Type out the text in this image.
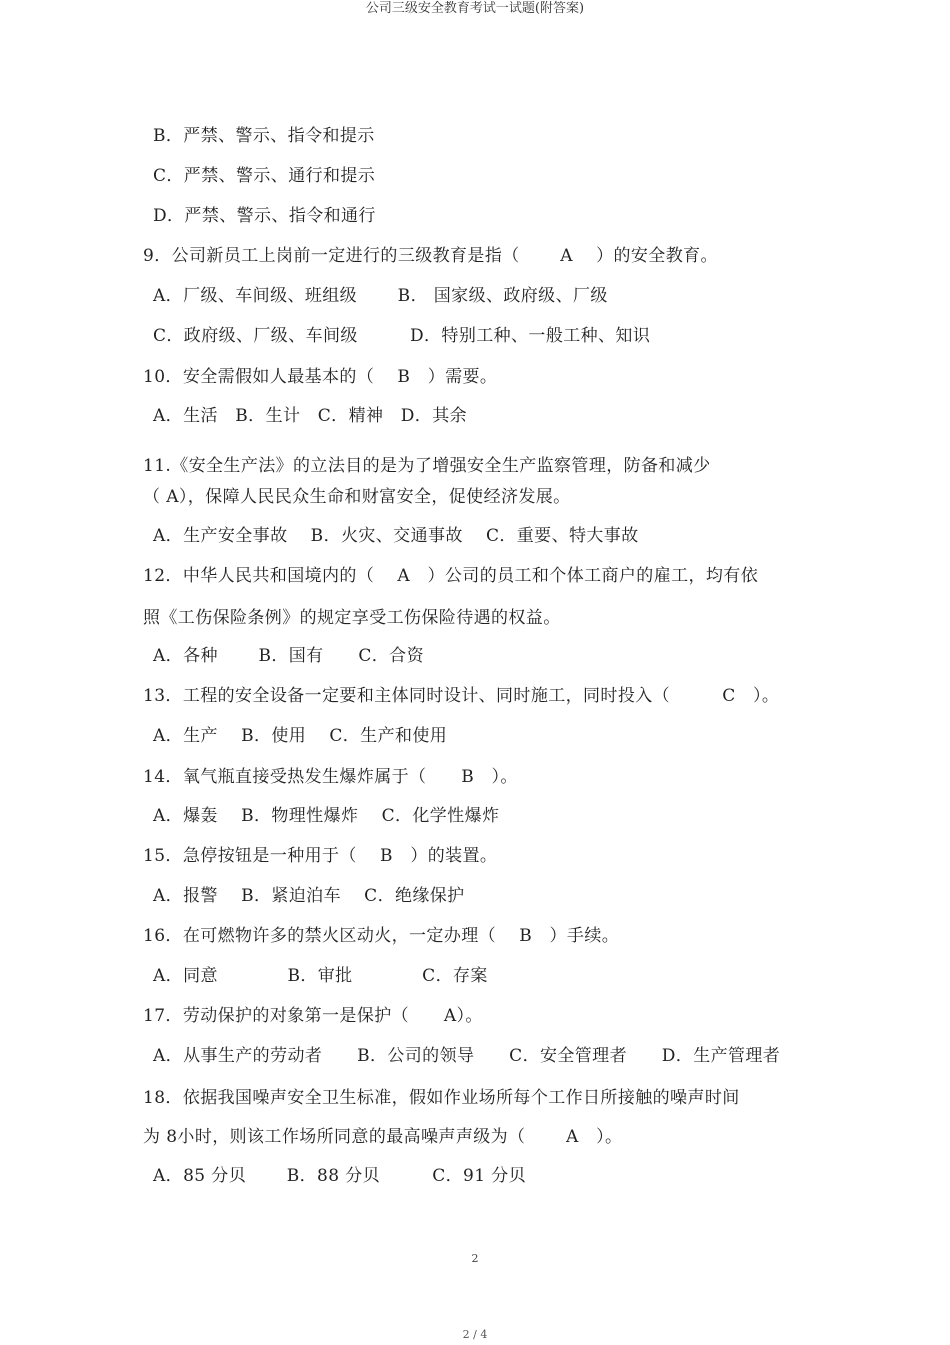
公司三级安全教育考试一试题(附答案)
B．严禁、警示、指令和提示
C．严禁、警示、通行和提示
D．严禁、警示、指令和通行
9．公司新员工上岗前一定进行的三级教育是指（　　 A　 ）的安全教育。
A．厂级、车间级、班组级　　 B． 国家级、政府级、厂级
C．政府级、厂级、车间级　　　D．特别工种、一般工种、知识
10．安全需假如人最基本的（　 B　）需要。
A．生活　B．生计　C．精神　D．其余
11.《安全生产法》的立法目的是为了增强安全生产监察管理，防备和减少
（ A），保障人民民众生命和财富安全，促使经济发展。
A．生产安全事故　 B．火灾、交通事故　 C．重要、特大事故
12．中华人民共和国境内的（　 A　）公司的员工和个体工商户的雇工，均有依
照《工伤保险条例》的规定享受工伤保险待遇的权益。
A．各种　　 B．国有　　C．合资
13．工程的安全设备一定要和主体同时设计、同时施工，同时投入（　　　C　）。
A．生产　 B．使用　 C．生产和使用
14．氧气瓶直接受热发生爆炸属于（　　B　）。
A．爆轰　 B．物理性爆炸　 C．化学性爆炸
15．急停按钮是一种用于（　 B　）的装置。
A．报警　 B．紧迫泊车　 C．绝缘保护
16．在可燃物许多的禁火区动火，一定办理（　 B　）手续。
A．同意　　　　B．审批　　　　C．存案
17．劳动保护的对象第一是保护（　　A）。
A．从事生产的劳动者　　B．公司的领导　　C．安全管理者　　D．生产管理者
18．依据我国噪声安全卫生标准，假如作业场所每个工作日所接触的噪声时间
为 8小时，则该工作场所同意的最高噪声声级为（　　 A　）。
A．85 分贝　　 B．88 分贝　　　C．91 分贝
2
2 / 4
